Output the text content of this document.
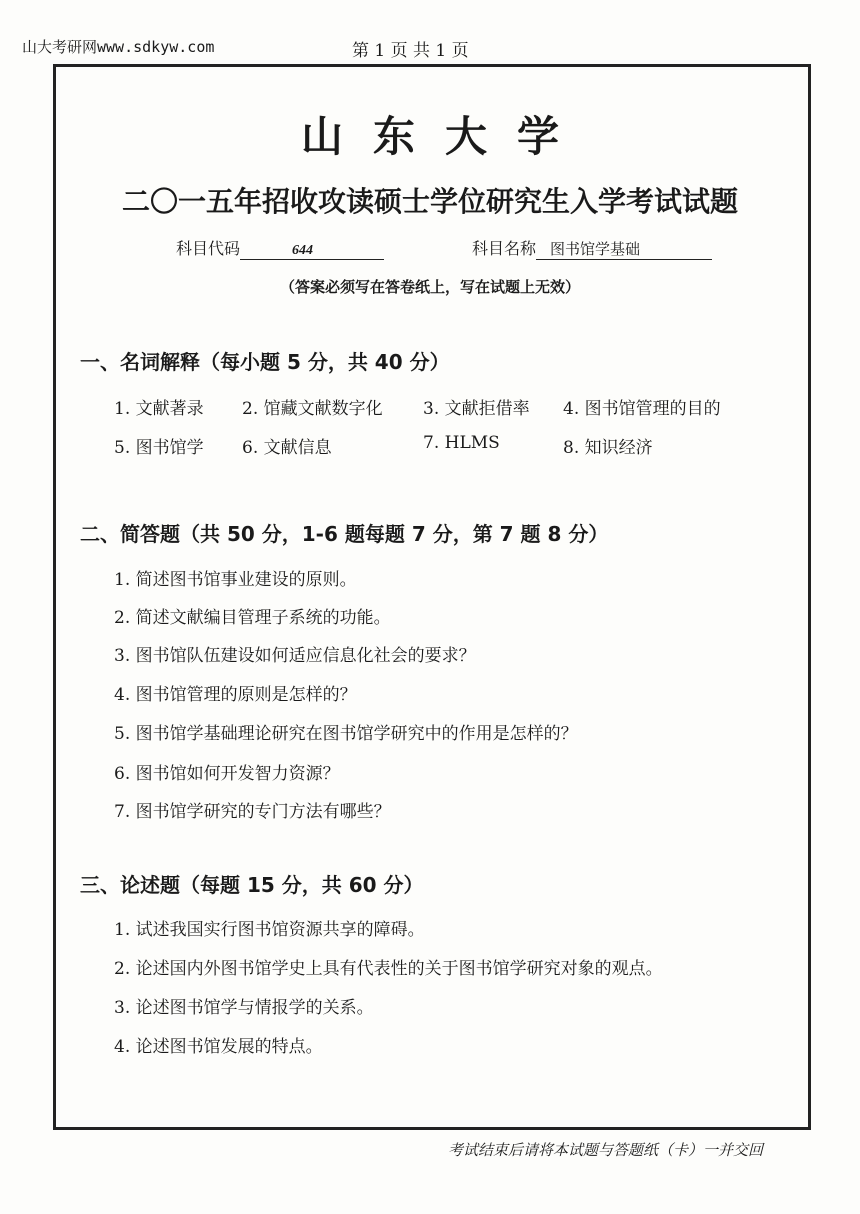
山大考研网www.sdkyw.com	第 1 页 共 1 页
山东大学
二〇一五年招收攻读硕士学位研究生入学考试试题
科目代码	644	科目名称 图书馆学基础
（答案必须写在答卷纸上，写在试题上无效）
一、名词解释（每小题 5 分，共 40 分）
1. 文献著录 2. 馆藏文献数字化 3. 文献拒借率 4. 图书馆管理的目的
5. 图书馆学 6. 文献信息	7. HLMS	8. 知识经济
二、简答题（共 50 分，1-6 题每题 7 分，第 7 题 8 分）
1. 简述图书馆事业建设的原则。
2. 简述文献编目管理子系统的功能。
3. 图书馆队伍建设如何适应信息化社会的要求？
4. 图书馆管理的原则是怎样的？
5. 图书馆学基础理论研究在图书馆学研究中的作用是怎样的？
6. 图书馆如何开发智力资源？
7. 图书馆学研究的专门方法有哪些？
三、论述题（每题 15 分，共 60 分）
1. 试述我国实行图书馆资源共享的障碍。
2. 论述国内外图书馆学史上具有代表性的关于图书馆学研究对象的观点。
3. 论述图书馆学与情报学的关系。
4. 论述图书馆发展的特点。
考试结束后请将本试题与答题纸（卡）一并交回
